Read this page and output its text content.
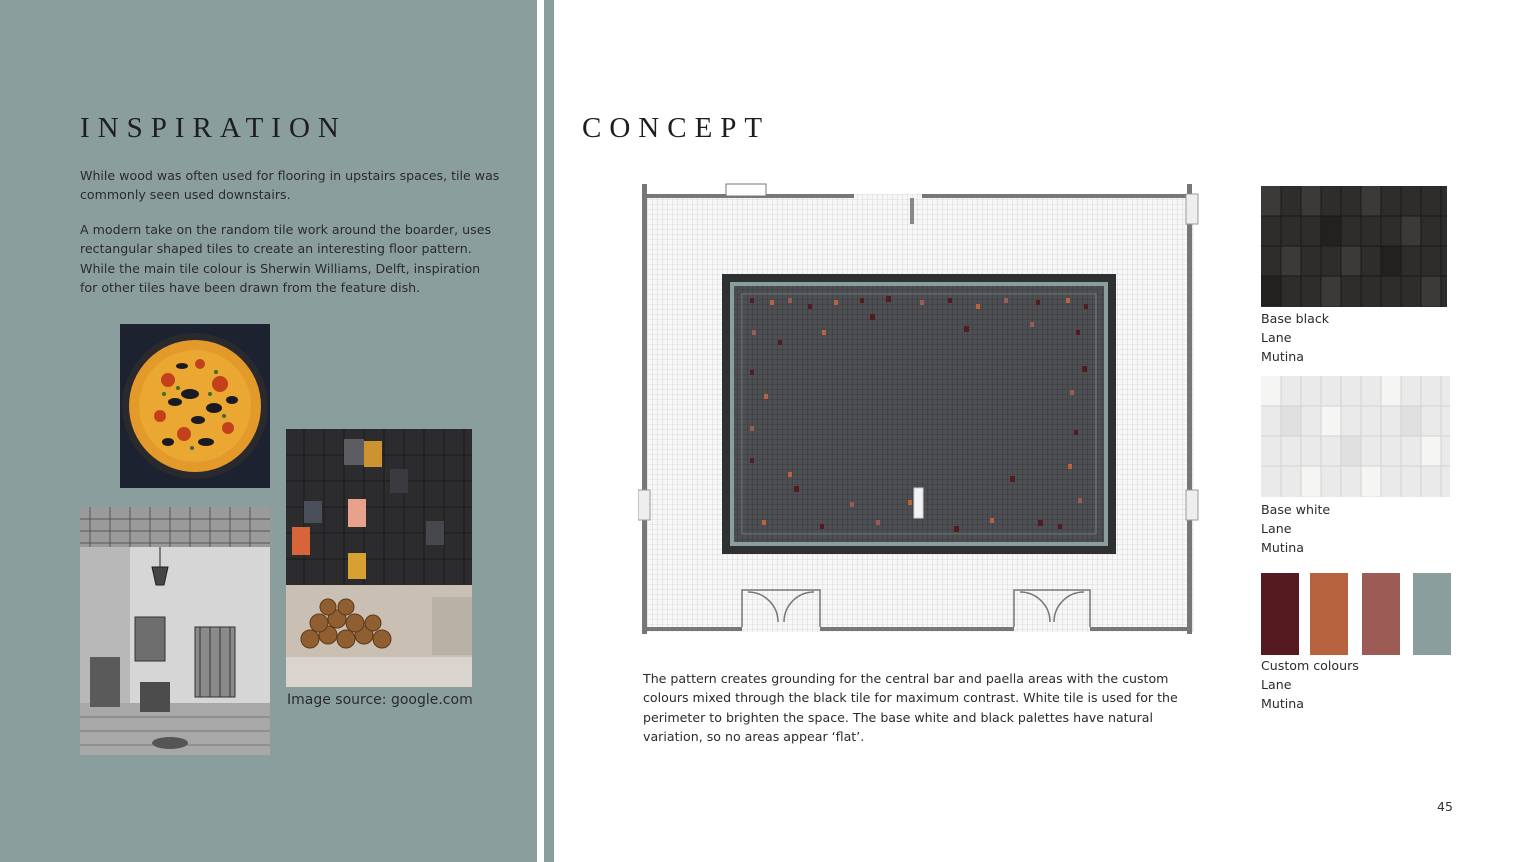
INSPIRATION

While wood was often used for flooring in upstairs spaces, tile was commonly seen used downstairs.

A modern take on the random tile work around the boarder, uses rectangular shaped tiles to create an interesting floor pattern. While the main tile colour is Sherwin Williams, Delft, inspiration for other tiles have been drawn from the feature dish.

Image source: google.com
CONCEPT

The pattern creates grounding for the central bar and paella areas with the custom colours mixed through the black tile for maximum contrast. White tile is used for the perimeter to brighten the space. The base white and black palettes have natural variation, so no areas appear ‘flat’.

Base black
Lane
Mutina
Base white
Lane
Mutina
Custom colours
Lane
Mutina
45
